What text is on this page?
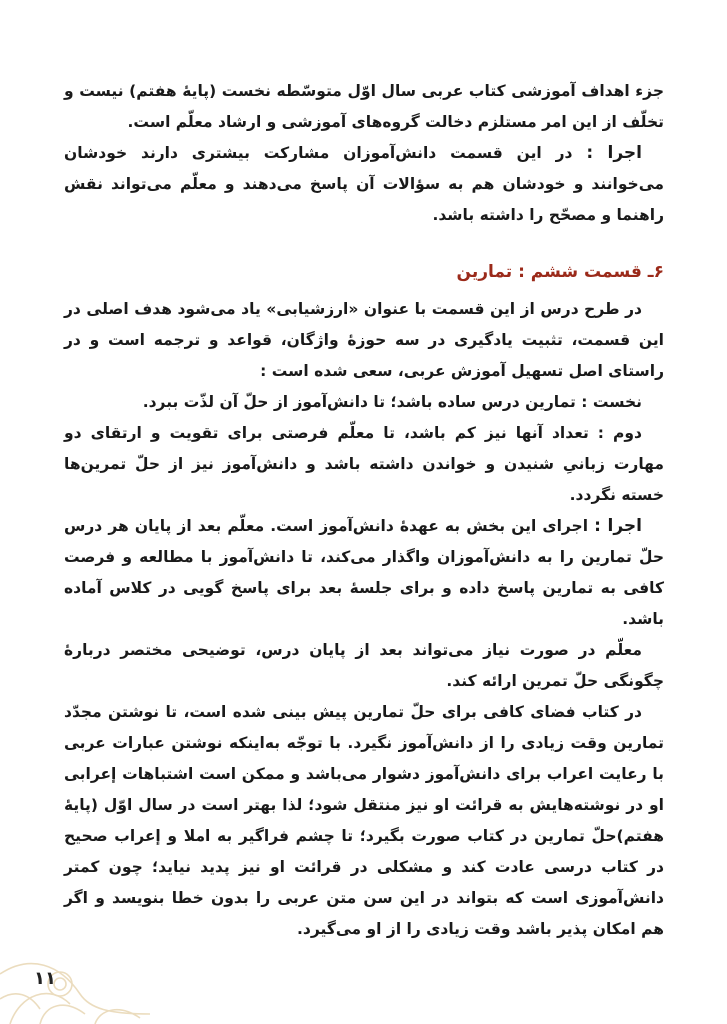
جزء اهداف آموزشی کتاب عربی سال اوّل متوسّطه نخست (پایهٔ هفتم) نیست و تخلّف از این امر مستلزم دخالت گروه‌های آموزشی و ارشاد معلّم است.

اجرا : در این قسمت دانش‌آموزان مشارکت بیشتری دارند خودشان می‌خوانند و خودشان هم به سؤالات آن پاسخ می‌دهند و معلّم می‌تواند نقش راهنما و مصحّح را داشته باشد.

۶ـ قسمت ششم : تمارین

در طرح درس از این قسمت با عنوان «ارزشیابی» یاد می‌شود هدف اصلی در این قسمت، تثبیت یادگیری در سه حوزهٔ واژگان، قواعد و ترجمه است و در راستای اصل تسهیل آموزش عربی، سعی شده است :

نخست : تمارین درس ساده باشد؛ تا دانش‌آموز از حلّ آن لذّت ببرد.

دوم : تعداد آنها نیز کم باشد، تا معلّم فرصتی برای تقویت و ارتقای دو مهارت زبانیِ شنیدن و خواندن داشته باشد و دانش‌آموز نیز از حلّ تمرین‌ها خسته نگردد.

اجرا : اجرای این بخش به عهدهٔ دانش‌آموز است. معلّم بعد از پایان هر درس حلّ تمارین را به دانش‌آموزان واگذار می‌کند، تا دانش‌آموز با مطالعه و فرصت کافی به تمارین پاسخ داده و برای جلسهٔ بعد برای پاسخ گویی در کلاس آماده باشد.

معلّم در صورت نیاز می‌تواند بعد از پایان درس، توضیحی مختصر دربارهٔ چگونگی حلّ تمرین ارائه کند.

در کتاب فضای کافی برای حلّ تمارین پیش بینی شده است، تا نوشتن مجدّد تمارین وقت زیادی را از دانش‌آموز نگیرد. با توجّه به‌اینکه نوشتن عبارات عربی با رعایت اعراب برای دانش‌آموز دشوار می‌باشد و ممکن است اشتباهات إعرابی او در نوشته‌هایش به قرائت او نیز منتقل شود؛ لذا بهتر است در سال اوّل (پایهٔ هفتم)حلّ تمارین در کتاب صورت بگیرد؛ تا چشم فراگیر به املا و إعراب صحیح در کتاب درسی عادت کند و مشکلی در قرائت او نیز پدید نیاید؛ چون کمتر دانش‌آموزی است که بتواند در این سن متن عربی را بدون خطا بنویسد و اگر هم امکان پذیر باشد وقت زیادی را از او می‌گیرد.

۱۱
